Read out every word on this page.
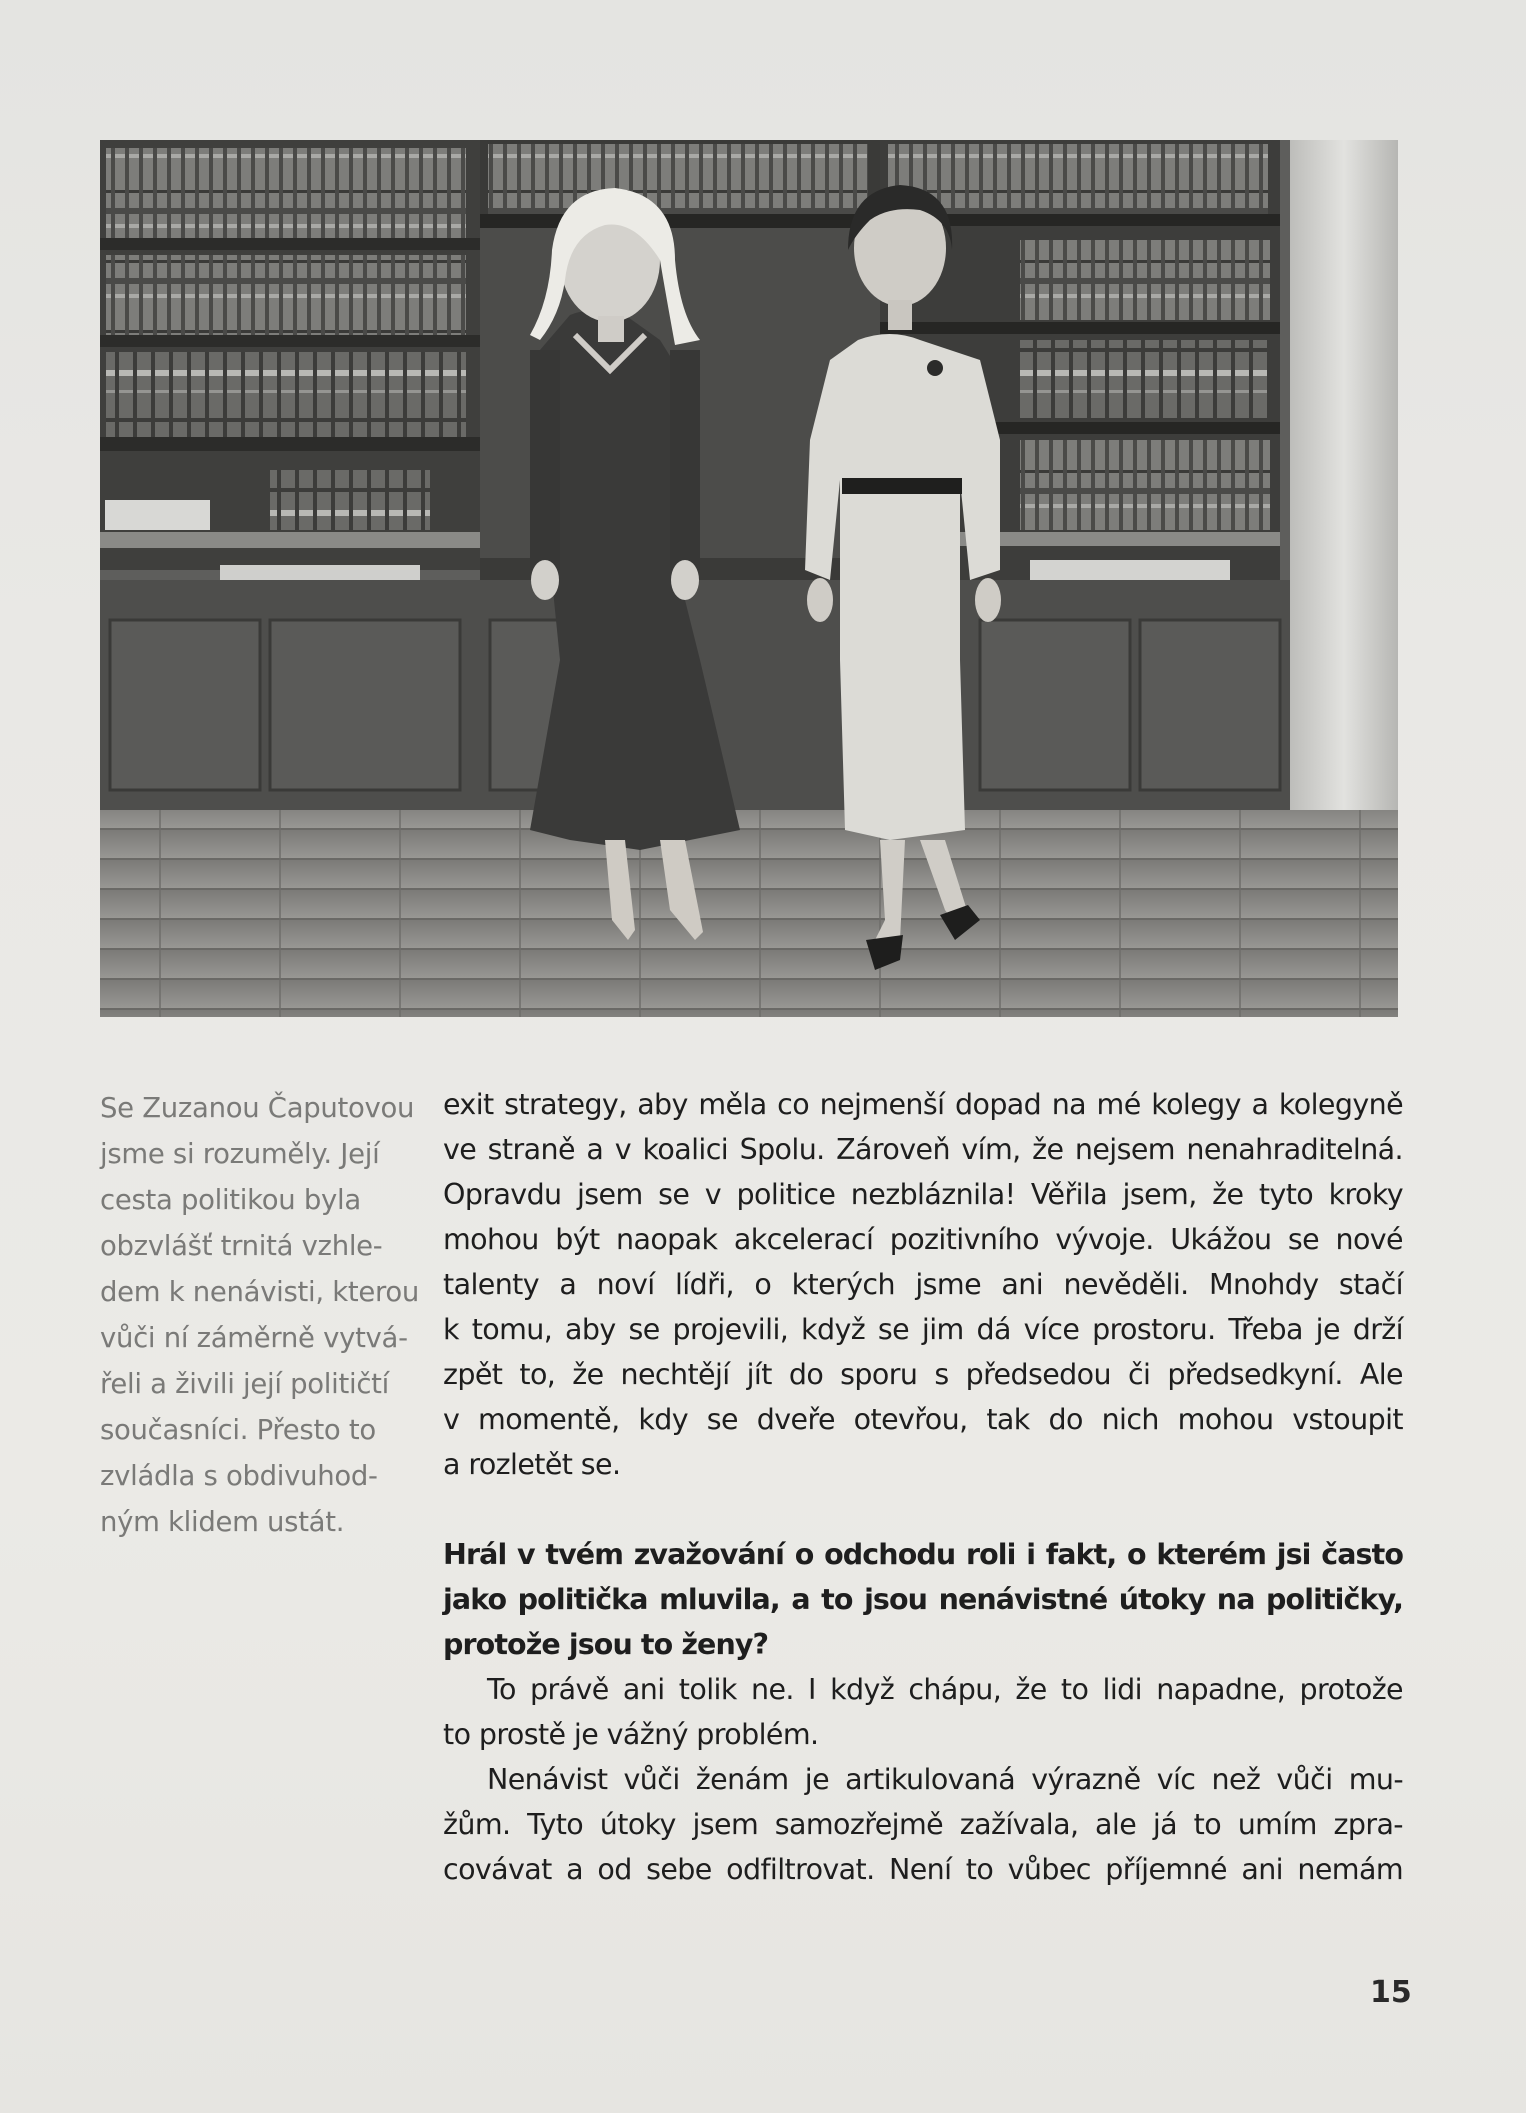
Se Zuzanou Čaputovou
jsme si rozuměly. Její
cesta politikou byla
obzvlášť trnitá vzhle-
dem k nenávisti, kterou
vůči ní záměrně vytvá-
řeli a živili její političtí
současníci. Přesto to
zvládla s obdivuhod-
ným klidem ustát.
exit strategy, aby měla co nejmenší dopad na mé kolegy a kolegyně
ve straně a v koalici Spolu. Zároveň vím, že nejsem nenahraditelná.
Opravdu jsem se v politice nezbláznila! Věřila jsem, že tyto kroky
mohou být naopak akcelerací pozitivního vývoje. Ukážou se nové
talenty a noví lídři, o kterých jsme ani nevěděli. Mnohdy stačí
k tomu, aby se projevili, když se jim dá více prostoru. Třeba je drží
zpět to, že nechtějí jít do sporu s předsedou či předsedkyní. Ale
v momentě, kdy se dveře otevřou, tak do nich mohou vstoupit
a rozletět se.
Hrál v tvém zvažování o odchodu roli i fakt, o kterém jsi často
jako politička mluvila, a to jsou nenávistné útoky na političky,
protože jsou to ženy?
To právě ani tolik ne. I když chápu, že to lidi napadne, protože
to prostě je vážný problém.
Nenávist vůči ženám je artikulovaná výrazně víc než vůči mu-
žům. Tyto útoky jsem samozřejmě zažívala, ale já to umím zpra-
covávat a od sebe odfiltrovat. Není to vůbec příjemné ani nemám
15
